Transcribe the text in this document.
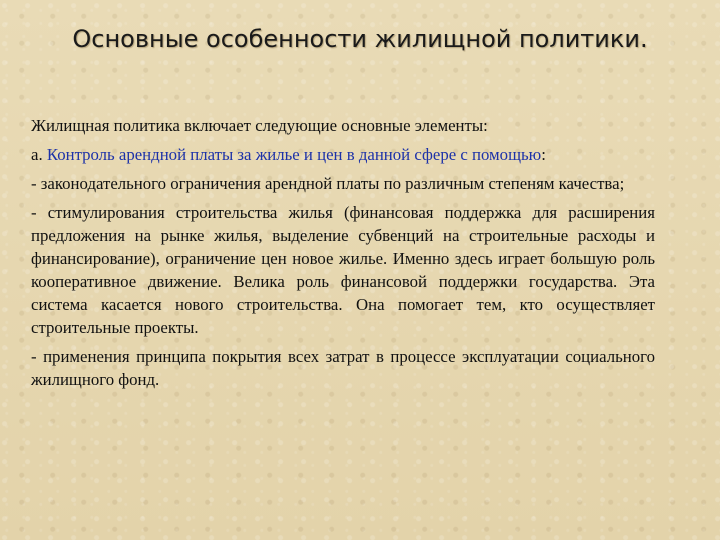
Основные особенности жилищной политики.

Жилищная политика включает следующие основные элементы:

а. Контроль арендной платы за жилье и цен в данной сфере с помощью:

- законодательного ограничения арендной платы по различным степеням качества;

- стимулирования строительства жилья (финансовая поддержка для расширения предложения на рынке жилья, выделение субвенций на строительные расходы и финансирование), ограничение цен новое жилье. Именно здесь играет большую роль кооперативное движение. Велика роль финансовой поддержки государства. Эта система касается нового строительства. Она помогает тем, кто осуществляет строительные проекты.

- применения принципа покрытия всех затрат в процессе эксплуатации социального жилищного фонд.
